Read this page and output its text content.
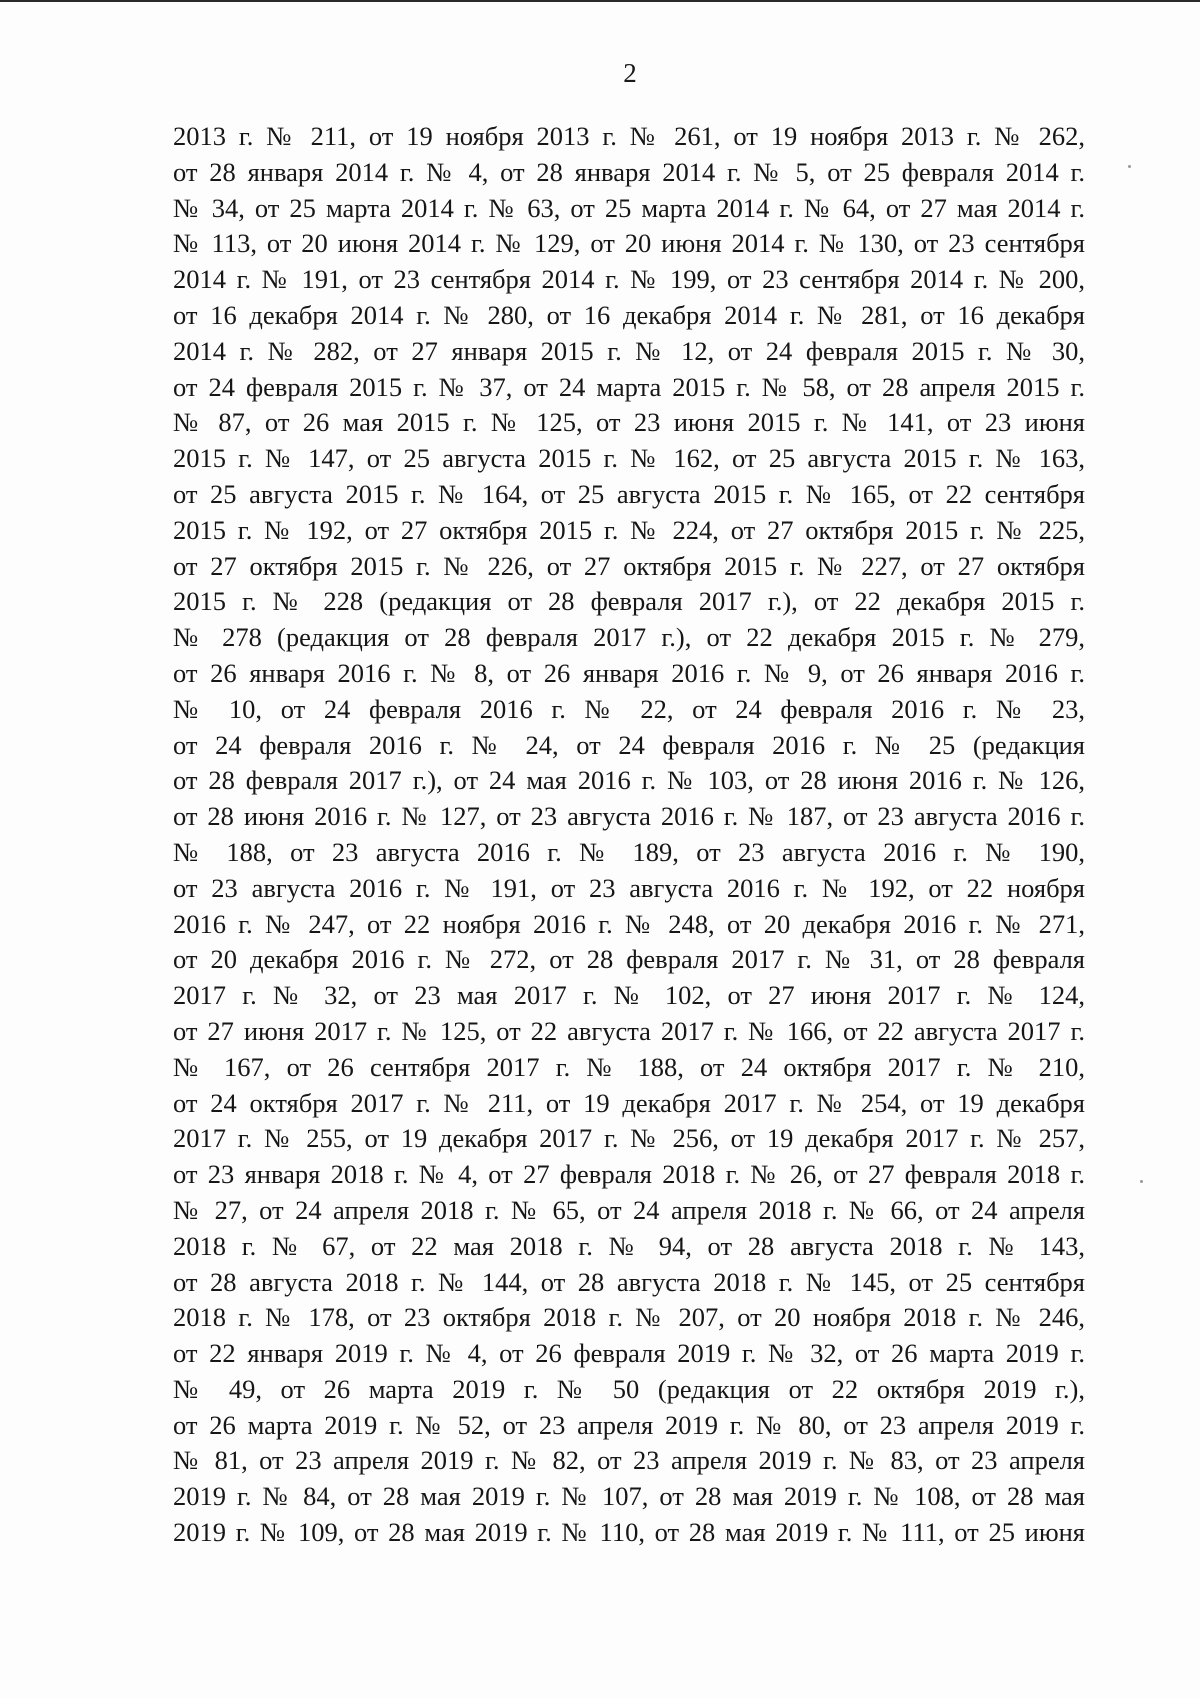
2
2013 г. № 211, от 19 ноября 2013 г. № 261, от 19 ноября 2013 г. № 262,
от 28 января 2014 г. № 4, от 28 января 2014 г. № 5, от 25 февраля 2014 г.
№ 34, от 25 марта 2014 г. № 63, от 25 марта 2014 г. № 64, от 27 мая 2014 г.
№ 113, от 20 июня 2014 г. № 129, от 20 июня 2014 г. № 130, от 23 сентября
2014 г. № 191, от 23 сентября 2014 г. № 199, от 23 сентября 2014 г. № 200,
от 16 декабря 2014 г. № 280, от 16 декабря 2014 г. № 281, от 16 декабря
2014 г. № 282, от 27 января 2015 г. № 12, от 24 февраля 2015 г. № 30,
от 24 февраля 2015 г. № 37, от 24 марта 2015 г. № 58, от 28 апреля 2015 г.
№ 87, от 26 мая 2015 г. № 125, от 23 июня 2015 г. № 141, от 23 июня
2015 г. № 147, от 25 августа 2015 г. № 162, от 25 августа 2015 г. № 163,
от 25 августа 2015 г. № 164, от 25 августа 2015 г. № 165, от 22 сентября
2015 г. № 192, от 27 октября 2015 г. № 224, от 27 октября 2015 г. № 225,
от 27 октября 2015 г. № 226, от 27 октября 2015 г. № 227, от 27 октября
2015 г. № 228 (редакция от 28 февраля 2017 г.), от 22 декабря 2015 г.
№ 278 (редакция от 28 февраля 2017 г.), от 22 декабря 2015 г. № 279,
от 26 января 2016 г. № 8, от 26 января 2016 г. № 9, от 26 января 2016 г.
№ 10, от 24 февраля 2016 г. № 22, от 24 февраля 2016 г. № 23,
от 24 февраля 2016 г. № 24, от 24 февраля 2016 г. № 25 (редакция
от 28 февраля 2017 г.), от 24 мая 2016 г. № 103, от 28 июня 2016 г. № 126,
от 28 июня 2016 г. № 127, от 23 августа 2016 г. № 187, от 23 августа 2016 г.
№ 188, от 23 августа 2016 г. № 189, от 23 августа 2016 г. № 190,
от 23 августа 2016 г. № 191, от 23 августа 2016 г. № 192, от 22 ноября
2016 г. № 247, от 22 ноября 2016 г. № 248, от 20 декабря 2016 г. № 271,
от 20 декабря 2016 г. № 272, от 28 февраля 2017 г. № 31, от 28 февраля
2017 г. № 32, от 23 мая 2017 г. № 102, от 27 июня 2017 г. № 124,
от 27 июня 2017 г. № 125, от 22 августа 2017 г. № 166, от 22 августа 2017 г.
№ 167, от 26 сентября 2017 г. № 188, от 24 октября 2017 г. № 210,
от 24 октября 2017 г. № 211, от 19 декабря 2017 г. № 254, от 19 декабря
2017 г. № 255, от 19 декабря 2017 г. № 256, от 19 декабря 2017 г. № 257,
от 23 января 2018 г. № 4, от 27 февраля 2018 г. № 26, от 27 февраля 2018 г.
№ 27, от 24 апреля 2018 г. № 65, от 24 апреля 2018 г. № 66, от 24 апреля
2018 г. № 67, от 22 мая 2018 г. № 94, от 28 августа 2018 г. № 143,
от 28 августа 2018 г. № 144, от 28 августа 2018 г. № 145, от 25 сентября
2018 г. № 178, от 23 октября 2018 г. № 207, от 20 ноября 2018 г. № 246,
от 22 января 2019 г. № 4, от 26 февраля 2019 г. № 32, от 26 марта 2019 г.
№ 49, от 26 марта 2019 г. № 50 (редакция от 22 октября 2019 г.),
от 26 марта 2019 г. № 52, от 23 апреля 2019 г. № 80, от 23 апреля 2019 г.
№ 81, от 23 апреля 2019 г. № 82, от 23 апреля 2019 г. № 83, от 23 апреля
2019 г. № 84, от 28 мая 2019 г. № 107, от 28 мая 2019 г. № 108, от 28 мая
2019 г. № 109, от 28 мая 2019 г. № 110, от 28 мая 2019 г. № 111, от 25 июня
